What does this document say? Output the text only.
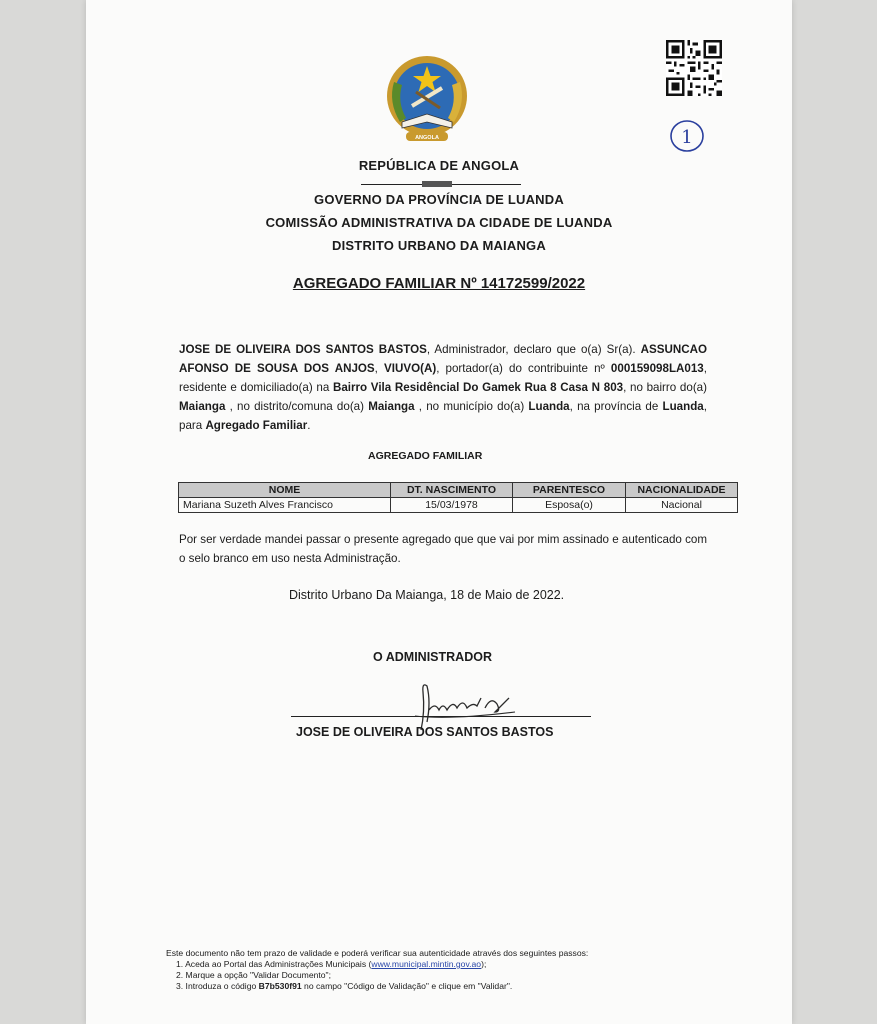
ANGOLA	1
REPÚBLICA DE ANGOLA
GOVERNO DA PROVÍNCIA DE LUANDA
COMISSÃO ADMINISTRATIVA DA CIDADE DE LUANDA
DISTRITO URBANO DA MAIANGA
AGREGADO FAMILIAR Nº 14172599/2022
JOSE DE OLIVEIRA DOS SANTOS BASTOS, Administrador, declaro que o(a) Sr(a). ASSUNCAO AFONSO DE SOUSA DOS ANJOS, VIUVO(A), portador(a) do contribuinte nº 000159098LA013, residente e domiciliado(a) na Bairro Vila Residêncial Do Gamek Rua 8 Casa N 803, no bairro do(a) Maianga , no distrito/comuna do(a) Maianga , no município do(a) Luanda, na província de Luanda, para Agregado Familiar.
AGREGADO FAMILIAR
NOME	DT. NASCIMENTO	PARENTESCO	NACIONALIDADE
Mariana Suzeth Alves Francisco	15/03/1978	Esposa(o)	Nacional
Por ser verdade mandei passar o presente agregado que que vai por mim assinado e autenticado com o selo branco em uso nesta Administração.
Distrito Urbano Da Maianga, 18 de Maio de 2022.
O ADMINISTRADOR
JOSE DE OLIVEIRA DOS SANTOS BASTOS
Este documento não tem prazo de validade e poderá verificar sua autenticidade através dos seguintes passos:
1. Aceda ao Portal das Administrações Municipais (www.municipal.mintin.gov.ao);
2. Marque a opção "Validar Documento";
3. Introduza o código B7b530f91 no campo "Código de Validação" e clique em "Validar".
